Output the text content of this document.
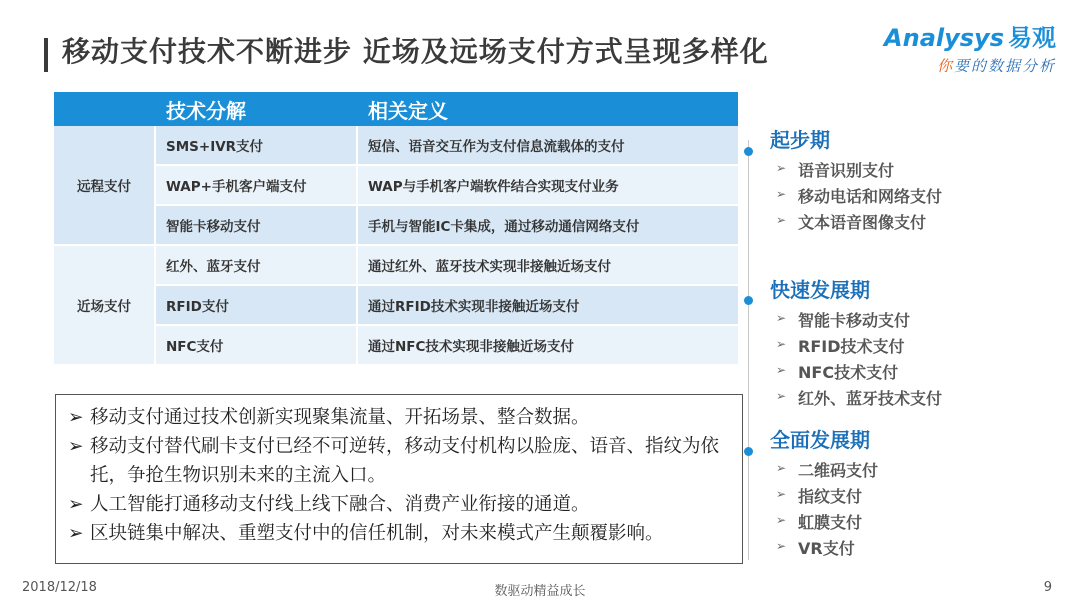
移动支付技术不断进步 近场及远场支付方式呈现多样化	Analysys 易观
你要的数据分析
技术分解		相关定义
远程支付	SMS+IVR支付	短信、语音交互作为支付信息流载体的支付
	WAP+手机客户端支付	WAP与手机客户端软件结合实现支付业务
	智能卡移动支付	手机与智能IC卡集成，通过移动通信网络支付
近场支付	红外、蓝牙支付	通过红外、蓝牙技术实现非接触近场支付
	RFID支付	通过RFID技术实现非接触近场支付
	NFC支付	通过NFC技术实现非接触近场支付
➢ 移动支付通过技术创新实现聚集流量、开拓场景、整合数据。
➢ 移动支付替代刷卡支付已经不可逆转，移动支付机构以脸庞、语音、指纹为依托，争抢生物识别未来的主流入口。
➢ 人工智能打通移动支付线上线下融合、消费产业衔接的通道。
➢ 区块链集中解决、重塑支付中的信任机制，对未来模式产生颠覆影响。
起步期
➢ 语音识别支付
➢ 移动电话和网络支付
➢ 文本语音图像支付
快速发展期
➢ 智能卡移动支付
➢ RFID技术支付
➢ NFC技术支付
➢ 红外、蓝牙技术支付
全面发展期
➢ 二维码支付
➢ 指纹支付
➢ 虹膜支付
➢ VR支付
2018/12/18	数驱动精益成长	9
